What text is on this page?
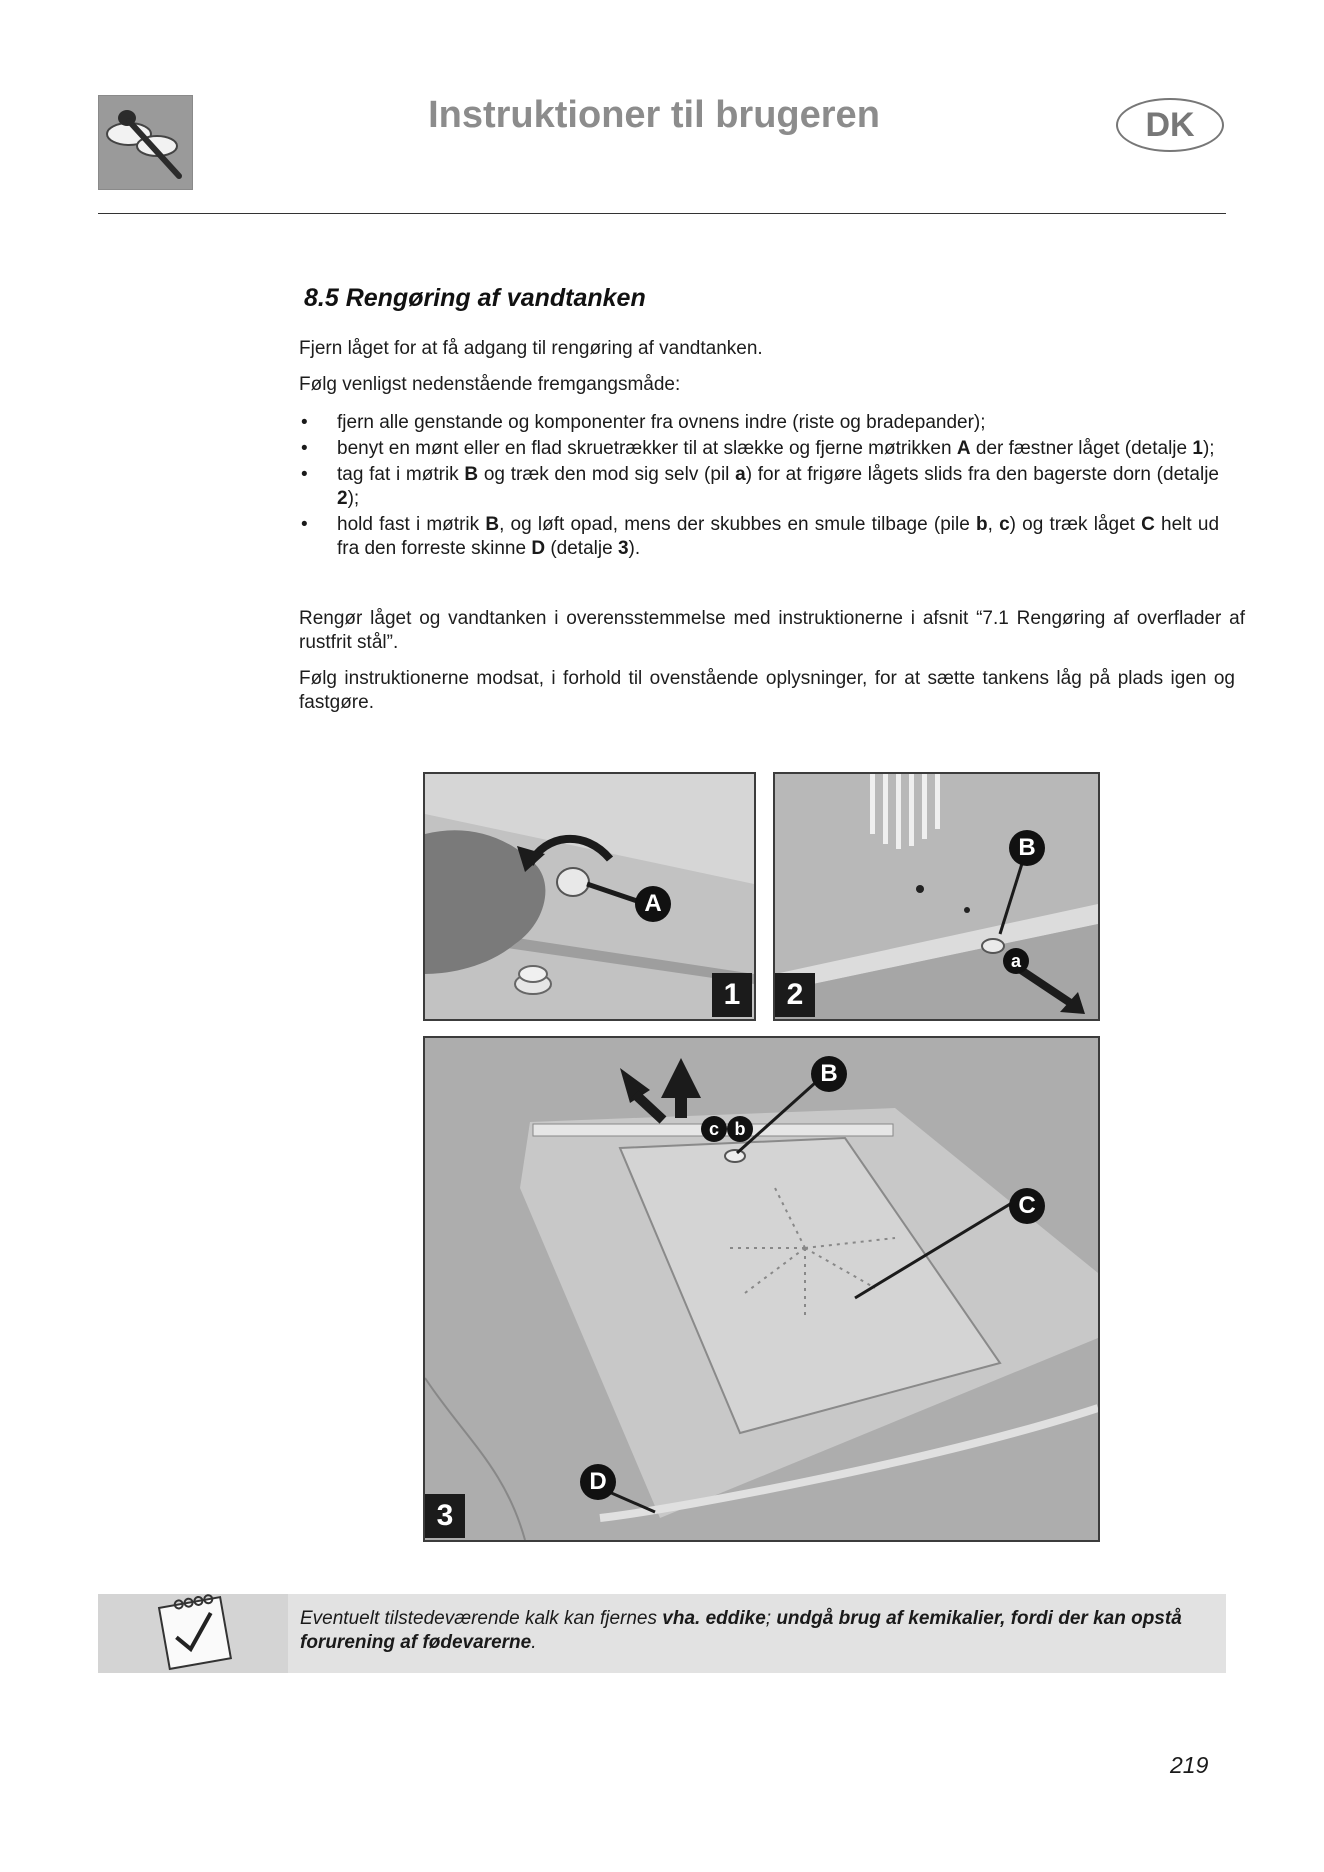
Instruktioner til brugeren	DK
8.5 Rengøring af vandtanken
Fjern låget for at få adgang til rengøring af vandtanken.
Følg venligst nedenstående fremgangsmåde:
• fjern alle genstande og komponenter fra ovnens indre (riste og bradepander);
• benyt en mønt eller en flad skruetrækker til at slække og fjerne møtrikken A der fæstner låget (detalje 1);
• tag fat i møtrik B og træk den mod sig selv (pil a) for at frigøre lågets slids fra den bagerste dorn (detalje 2);
• hold fast i møtrik B, og løft opad, mens der skubbes en smule tilbage (pile b, c) og træk låget C helt ud fra den forreste skinne D (detalje 3).
Rengør låget og vandtanken i overensstemmelse med instruktionerne i afsnit “7.1 Rengøring af overflader af rustfrit stål”.
Følg instruktionerne modsat, i forhold til ovenstående oplysninger, for at sætte tankens låg på plads igen og fastgøre.
A
1
B
a
2
B
c b
C
D
3
Eventuelt tilstedeværende kalk kan fjernes vha. eddike; undgå brug af kemikalier, fordi der kan opstå forurening af fødevarerne.
219
